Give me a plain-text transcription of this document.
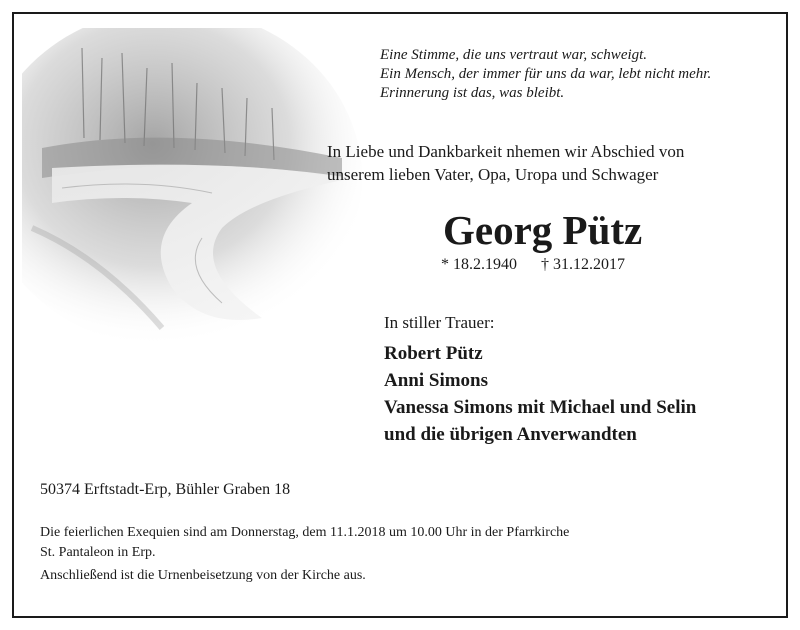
Eine Stimme, die uns vertraut war, schweigt.
Ein Mensch, der immer für uns da war, lebt nicht mehr.
Erinnerung ist das, was bleibt.
In Liebe und Dankbarkeit nhemen wir Abschied von
unserem lieben Vater, Opa, Uropa und Schwager
Georg Pütz
* 18.2.1940 † 31.12.2017
In stiller Trauer:
Robert Pütz
Anni Simons
Vanessa Simons mit Michael und Selin
und die übrigen Anverwandten
50374 Erftstadt-Erp, Bühler Graben 18
Die feierlichen Exequien sind am Donnerstag, dem 11.1.2018 um 10.00 Uhr in der Pfarrkirche
St. Pantaleon in Erp.
Anschließend ist die Urnenbeisetzung von der Kirche aus.
